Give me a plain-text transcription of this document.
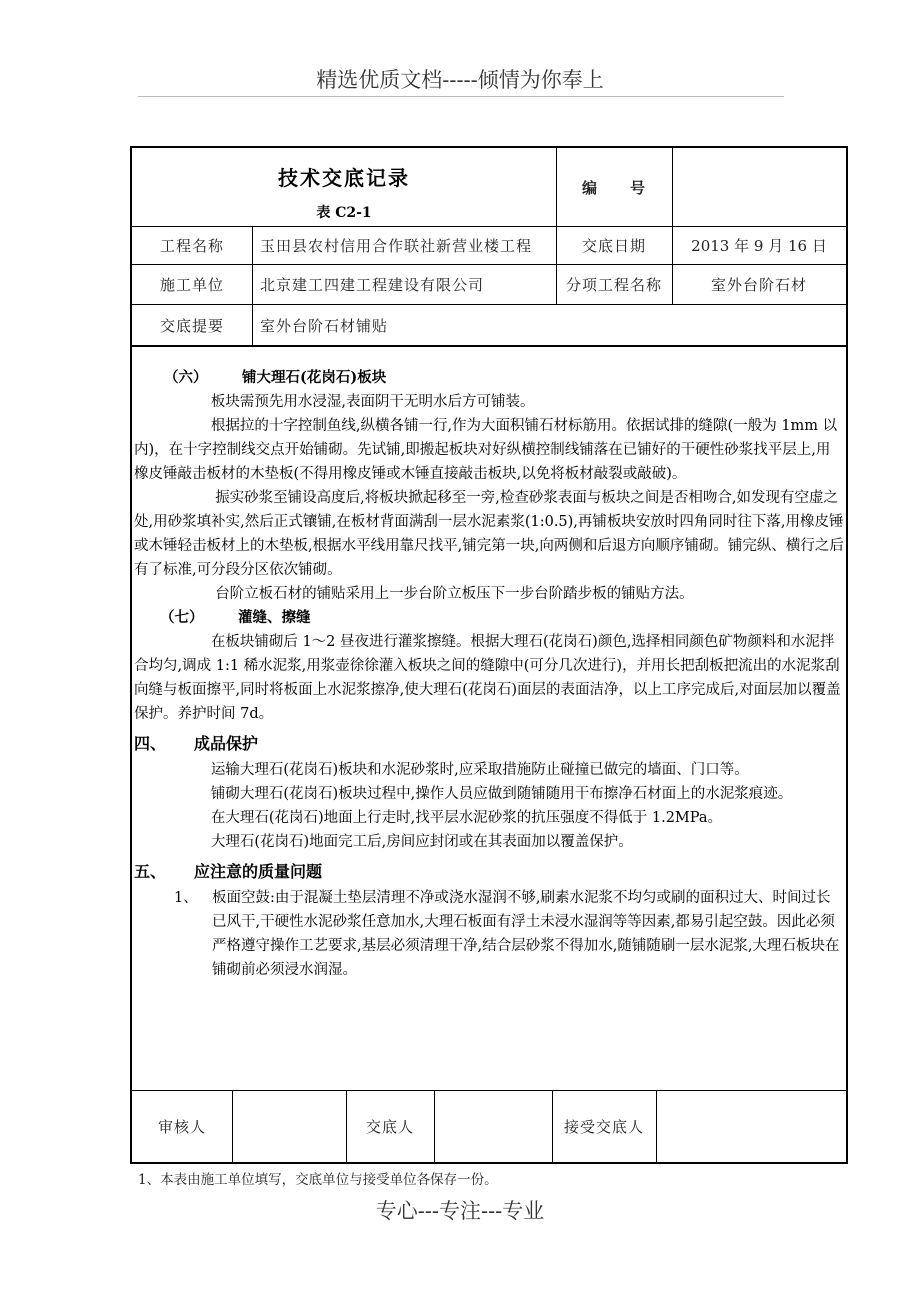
精选优质文档-----倾情为你奉上
技术交底记录
表 C2-1
编　　号
工程名称	玉田县农村信用合作联社新营业楼工程	交底日期	2013 年 9 月 16 日
施工单位	北京建工四建工程建设有限公司	分项工程名称	室外台阶石材
交底提要	室外台阶石材铺贴
审核人	交底人	接受交底人

（六） 铺大理石(花岗石)板块

板块需预先用水浸湿,表面阴干无明水后方可铺装。

根据拉的十字控制鱼线,纵横各铺一行,作为大面积铺石材标筋用。依据试排的缝隙(一般为 1mm 以内)，在十字控制线交点开始铺砌。先试铺,即搬起板块对好纵横控制线铺落在已铺好的干硬性砂浆找平层上,用橡皮锤敲击板材的木垫板(不得用橡皮锤或木锤直接敲击板块,以免将板材敲裂或敲破)。

振实砂浆至铺设高度后,将板块掀起移至一旁,检查砂浆表面与板块之间是否相吻合,如发现有空虚之处,用砂浆填补实,然后正式镶铺,在板材背面满刮一层水泥素浆(1:0.5),再铺板块安放时四角同时往下落,用橡皮锤或木锤轻击板材上的木垫板,根据水平线用靠尺找平,铺完第一块,向两侧和后退方向顺序铺砌。铺完纵、横行之后有了标准,可分段分区依次铺砌。

台阶立板石材的铺贴采用上一步台阶立板压下一步台阶踏步板的铺贴方法。

（七） 灌缝、擦缝

在板块铺砌后 1～2 昼夜进行灌浆擦缝。根据大理石(花岗石)颜色,选择相同颜色矿物颜料和水泥拌合均匀,调成 1:1 稀水泥浆,用浆壶徐徐灌入板块之间的缝隙中(可分几次进行)，并用长把刮板把流出的水泥浆刮向缝与板面擦平,同时将板面上水泥浆擦净,使大理石(花岗石)面层的表面洁净，以上工序完成后,对面层加以覆盖保护。养护时间 7d。

四、 成品保护

运输大理石(花岗石)板块和水泥砂浆时,应采取措施防止碰撞已做完的墙面、门口等。

铺砌大理石(花岗石)板块过程中,操作人员应做到随铺随用干布擦净石材面上的水泥浆痕迹。

在大理石(花岗石)地面上行走时,找平层水泥砂浆的抗压强度不得低于 1.2MPa。

大理石(花岗石)地面完工后,房间应封闭或在其表面加以覆盖保护。

五、 应注意的质量问题

1、 板面空鼓:由于混凝土垫层清理不净或浇水湿润不够,刷素水泥浆不均匀或刷的面积过大、时间过长已风干,干硬性水泥砂浆任意加水,大理石板面有浮土未浸水湿润等等因素,都易引起空鼓。因此必须严格遵守操作工艺要求,基层必须清理干净,结合层砂浆不得加水,随铺随刷一层水泥浆,大理石板块在铺砌前必须浸水润湿。

1、本表由施工单位填写，交底单位与接受单位各保存一份。
专心---专注---专业
